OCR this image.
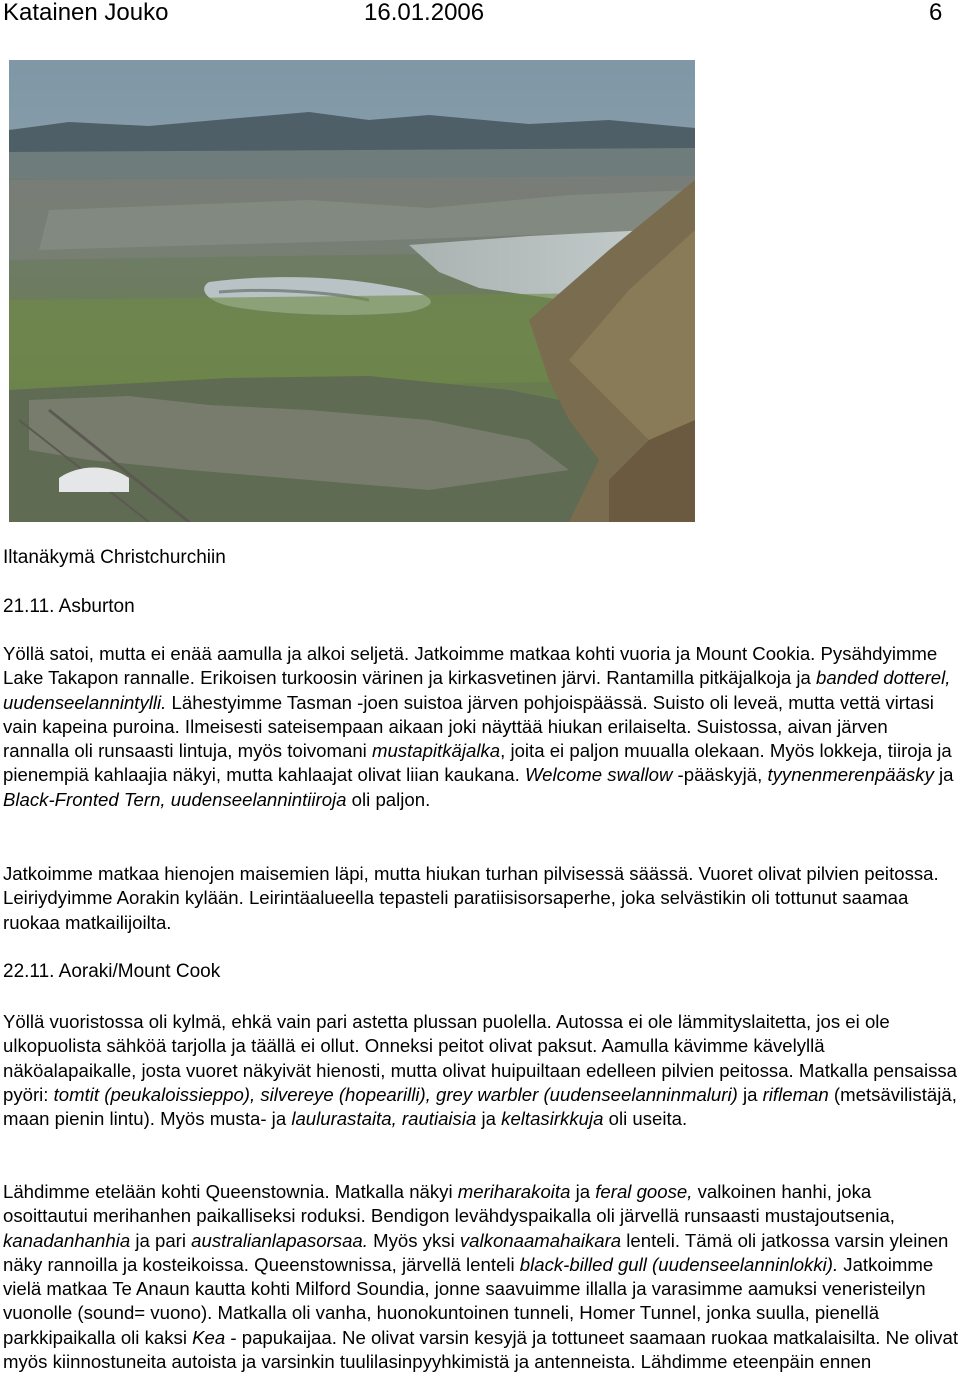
Katainen Jouko	16.01.2006	6
Iltanäkymä Christchurchiin
21.11. Asburton

Yöllä satoi, mutta ei enää aamulla ja alkoi seljetä. Jatkoimme matkaa kohti vuoria ja Mount Cookia. Pysähdyimme Lake Takapon rannalle. Erikoisen turkoosin värinen ja kirkasvetinen järvi. Rantamilla pitkäjalkoja ja banded dotterel, uudenseelannintylli. Lähestyimme Tasman -joen suistoa järven pohjoispäässä. Suisto oli leveä, mutta vettä virtasi vain kapeina puroina. Ilmeisesti sateisempaan aikaan joki näyttää hiukan erilaiselta. Suistossa, aivan järven rannalla oli runsaasti lintuja, myös toivomani mustapitkäjalka, joita ei paljon muualla olekaan. Myös lokkeja, tiiroja ja pienempiä kahlaajia näkyi, mutta kahlaajat olivat liian kaukana. Welcome swallow -pääskyjä, tyynenmerenpääsky ja Black-Fronted Tern, uudenseelannintiiroja oli paljon.

Jatkoimme matkaa hienojen maisemien läpi, mutta hiukan turhan pilvisessä säässä. Vuoret olivat pilvien peitossa. Leiriydyimme Aorakin kylään. Leirintäalueella tepasteli paratiisisorsaperhe, joka selvästikin oli tottunut saamaa ruokaa matkailijoilta.

22.11. Aoraki/Mount Cook

Yöllä vuoristossa oli kylmä, ehkä vain pari astetta plussan puolella. Autossa ei ole lämmityslaitetta, jos ei ole ulkopuolista sähköä tarjolla ja täällä ei ollut. Onneksi peitot olivat paksut. Aamulla kävimme kävelyllä näköalapaikalle, josta vuoret näkyivät hienosti, mutta olivat huipuiltaan edelleen pilvien peitossa. Matkalla pensaissa pyöri: tomtit (peukaloissieppo), silvereye (hopearilli), grey warbler (uudenseelanninmaluri) ja rifleman (metsävilistäjä, maan pienin lintu). Myös musta- ja laulurastaita, rautiaisia ja keltasirkkuja oli useita.

Lähdimme etelään kohti Queenstownia. Matkalla näkyi meriharakoita ja feral goose, valkoinen hanhi, joka osoittautui merihanhen paikalliseksi roduksi. Bendigon levähdyspaikalla oli järvellä runsaasti mustajoutsenia, kanadanhanhia ja pari australianlapasorsaa. Myös yksi valkonaamahaikara lenteli. Tämä oli jatkossa varsin yleinen näky rannoilla ja kosteikoissa. Queenstownissa, järvellä lenteli black-billed gull (uudenseelanninlokki). Jatkoimme vielä matkaa Te Anaun kautta kohti Milford Soundia, jonne saavuimme illalla ja varasimme aamuksi veneristeilyn vuonolle (sound= vuono). Matkalla oli vanha, huonokuntoinen tunneli, Homer Tunnel, jonka suulla, pienellä parkkipaikalla oli kaksi Kea - papukaijaa. Ne olivat varsin kesyjä ja tottuneet saamaan ruokaa matkalaisilta. Ne olivat myös kiinnostuneita autoista ja varsinkin tuulilasinpyyhkimistä ja antenneista. Lähdimme eteenpäin ennen
